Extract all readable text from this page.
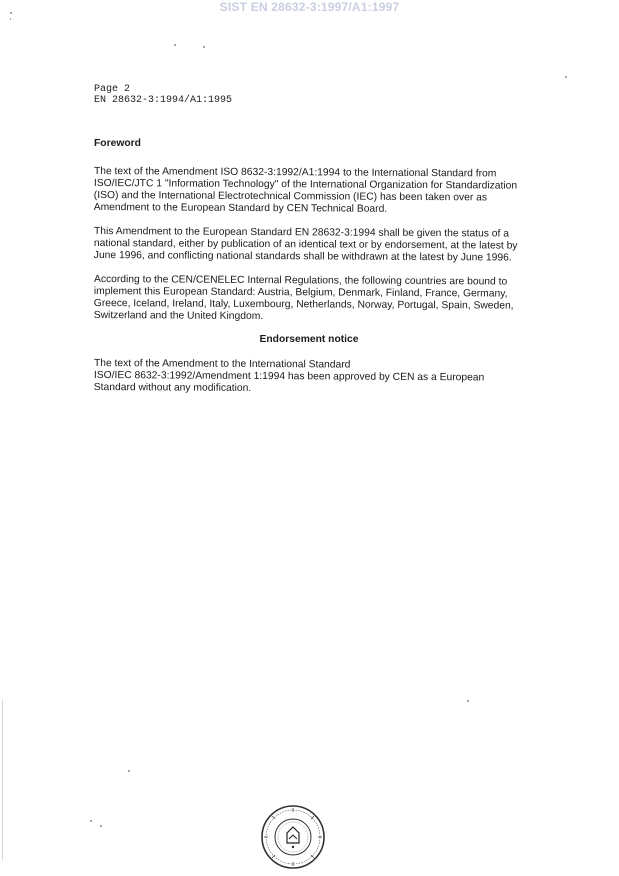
SIST EN 28632-3:1997/A1:1997
Page 2
EN 28632-3:1994/A1:1995
Foreword

The text of the Amendment ISO 8632-3:1992/A1:1994 to the International Standard from ISO/IEC/JTC 1 "Information Technology" of the International Organization for Standardization (ISO) and the International Electrotechnical Commission (IEC) has been taken over as Amendment to the European Standard by CEN Technical Board.

This Amendment to the European Standard EN 28632-3:1994 shall be given the status of a national standard, either by publication of an identical text or by endorsement, at the latest by June 1996, and conflicting national standards shall be withdrawn at the latest by June 1996.

According to the CEN/CENELEC Internal Regulations, the following countries are bound to implement this European Standard: Austria, Belgium, Denmark, Finland, France, Germany, Greece, Iceland, Ireland, Italy, Luxembourg, Netherlands, Norway, Portugal, Spain, Sweden, Switzerland and the United Kingdom.

Endorsement notice
The text of the Amendment to the International Standard
ISO/IEC 8632-3:1992/Amendment 1:1994 has been approved by CEN as a European
Standard without any modification.
